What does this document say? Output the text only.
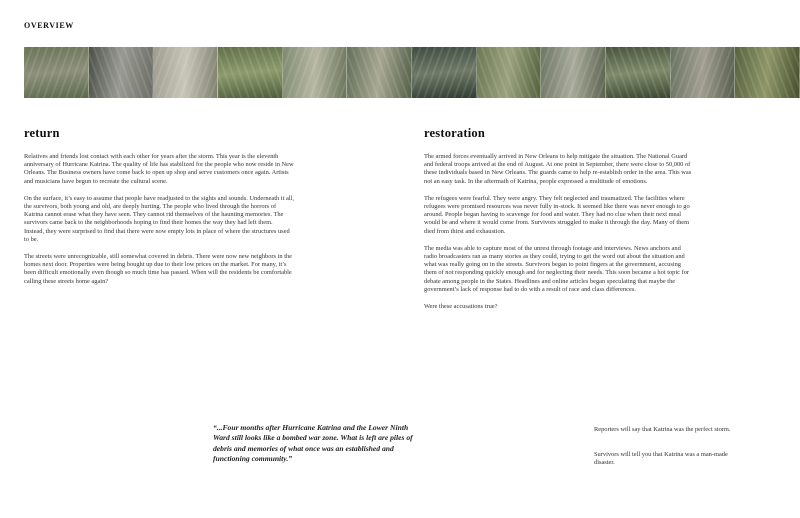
OVERVIEW
return

Relatives and friends lost contact with each other for years after the storm. This year is the eleventh anniversary of Hurricane Katrina. The quality of life has stabilized for the people who now reside in New Orleans. The Business owners have come back to open up shop and serve customers once again. Artists and musicians have begun to recreate the cultural scene.

On the surface, it’s easy to assume that people have readjusted to the sights and sounds. Underneath it all, the survivors, both young and old, are deeply hurting. The people who lived through the horrors of Katrina cannot erase what they have seen. They cannot rid themselves of the haunting memories. The survivors came back to the neighborhoods hoping to find their homes the way they had left them. Instead, they were surprised to find that there were now empty lots in place of where the structures used to be.

The streets were unrecognizable, still somewhat covered in debris. There were now new neighbors in the homes next door. Properties were being bought up due to their low prices on the market. For many, it’s been difficult emotionally even though so much time has passed. When will the residents be comfortable calling these streets home again?

restoration

The armed forces eventually arrived in New Orleans to help mitigate the situation. The National Guard and federal troops arrived at the end of August. At one point in September, there were close to 50,000 of these individuals based in New Orleans. The guards came to help re-establish order in the area. This was not an easy task. In the aftermath of Katrina, people expressed a multitude of emotions.

The refugees were fearful. They were angry. They felt neglected and traumatized. The facilities where refugees were promised resources was never fully in-stock. It seemed like there was never enough to go around. People began having to scavenge for food and water. They had no clue when their next meal would be and where it would come from. Survivors struggled to make it through the day. Many of them died from thirst and exhaustion.

The media was able to capture most of the unrest through footage and interviews. News anchors and radio broadcasters ran as many stories as they could, trying to get the word out about the situation and what was really going on in the streets. Survivors began to point fingers at the government, accusing them of not responding quickly enough and for neglecting their needs. This soon became a hot topic for debate among people in the States. Headlines and online articles began speculating that maybe the government’s lack of response had to do with a result of race and class differences.

Were these accusations true?

“...Four months after Hurricane Katrina and the Lower Ninth Ward still looks like a bombed war zone. What is left are piles of debris and memories of what once was an established and functioning community.”
Reporters will say that Katrina was the perfect storm.
Survivors will tell you that Katrina was a man-made disaster.
